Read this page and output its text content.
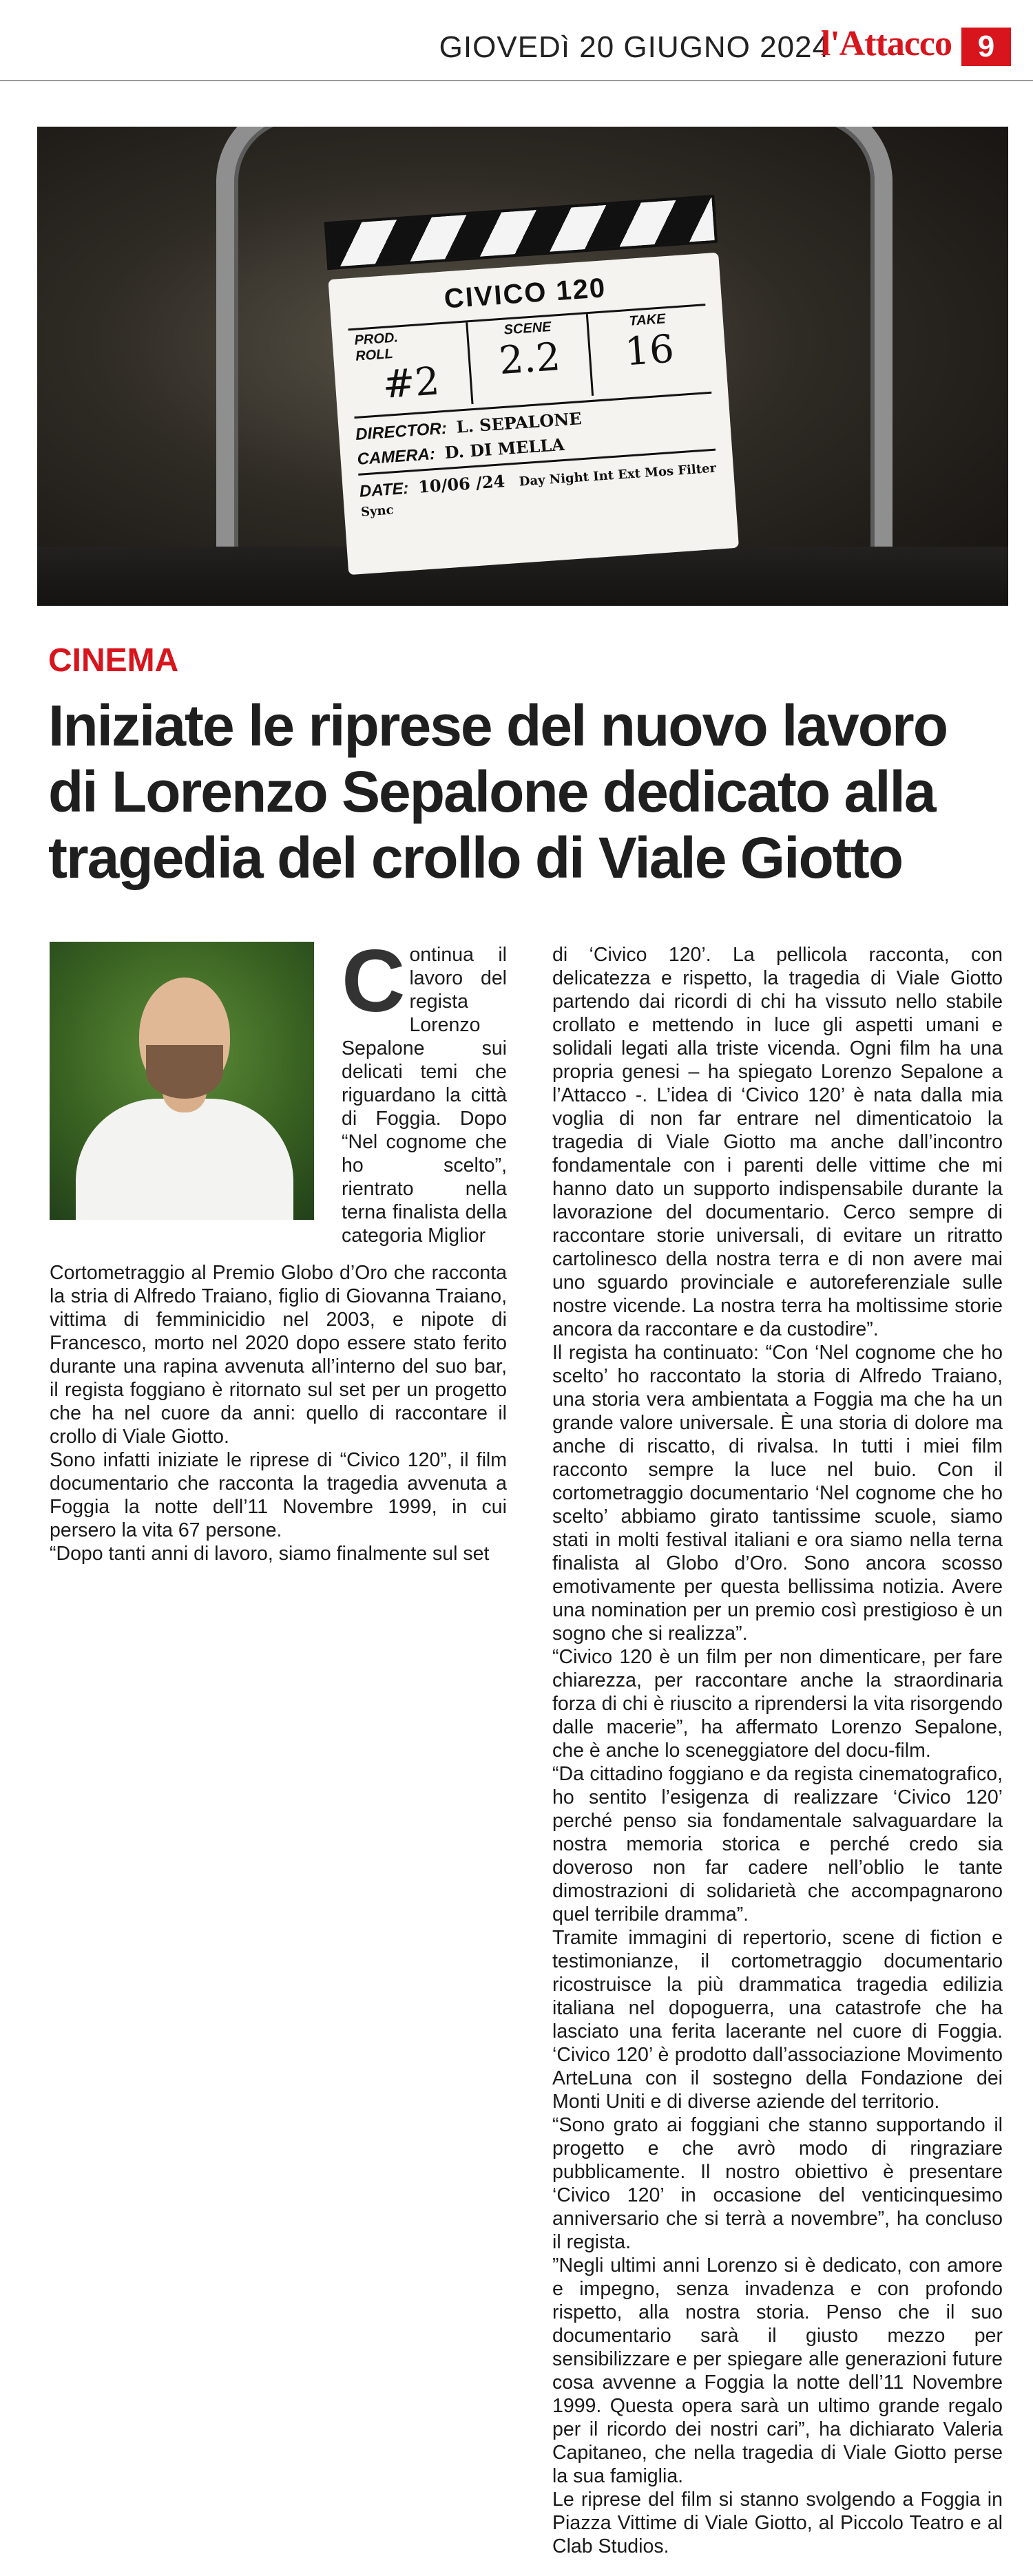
GIOVEDì 20 GIUGNO 2024
l'Attacco 9
CIVICO 120
PROD.
ROLL
#2
SCENE
2.2
TAKE
16
DIRECTOR: L. SEPALONE
CAMERA: D. DI MELLA
DATE: 10/06 /24 Day Night Int Ext Mos Filter Sync
CINEMA
Iniziate le riprese del nuovo lavoro di Lorenzo Sepalone dedicato alla tragedia del crollo di Viale Giotto
C ontinua il lavoro del regista Lorenzo Sepalone sui delicati temi che riguardano la città di Foggia. Dopo “Nel cognome che ho scelto”, rientrato nella terna finalista della categoria Miglior

Cortometraggio al Premio Globo d’Oro che racconta la stria di Alfredo Traiano, figlio di Giovanna Traiano, vittima di femminicidio nel 2003, e nipote di Francesco, morto nel 2020 dopo essere stato ferito durante una rapina avvenuta all’interno del suo bar, il regista foggiano è ritornato sul set per un progetto che ha nel cuore da anni: quello di raccontare il crollo di Viale Giotto.

Sono infatti iniziate le riprese di “Civico 120”, il film documentario che racconta la tragedia avvenuta a Foggia la notte dell’11 Novembre 1999, in cui persero la vita 67 persone.

“Dopo tanti anni di lavoro, siamo finalmente sul set

di ‘Civico 120’. La pellicola racconta, con delicatezza e rispetto, la tragedia di Viale Giotto partendo dai ricordi di chi ha vissuto nello stabile crollato e mettendo in luce gli aspetti umani e solidali legati alla triste vicenda. Ogni film ha una propria genesi – ha spiegato Lorenzo Sepalone a l’Attacco -. L’idea di ‘Civico 120’ è nata dalla mia voglia di non far entrare nel dimenticatoio la tragedia di Viale Giotto ma anche dall’incontro fondamentale con i parenti delle vittime che mi hanno dato un supporto indispensabile durante la lavorazione del documentario. Cerco sempre di raccontare storie universali, di evitare un ritratto cartolinesco della nostra terra e di non avere mai uno sguardo provinciale e autoreferenziale sulle nostre vicende. La nostra terra ha moltissime storie ancora da raccontare e da custodire”.

Il regista ha continuato: “Con ‘Nel cognome che ho scelto’ ho raccontato la storia di Alfredo Traiano, una storia vera ambientata a Foggia ma che ha un grande valore universale. È una storia di dolore ma anche di riscatto, di rivalsa. In tutti i miei film racconto sempre la luce nel buio. Con il cortometraggio documentario ‘Nel cognome che ho scelto’ abbiamo girato tantissime scuole, siamo stati in molti festival italiani e ora siamo nella terna finalista al Globo d’Oro. Sono ancora scosso emotivamente per questa bellissima notizia. Avere una nomination per un premio così prestigioso è un sogno che si realizza”.

“Civico 120 è un film per non dimenticare, per fare chiarezza, per raccontare anche la straordinaria forza di chi è riuscito a riprendersi la vita risorgendo dalle macerie”, ha affermato Lorenzo Sepalone, che è anche lo sceneggiatore del docu-film.

“Da cittadino foggiano e da regista cinematografico, ho sentito l’esigenza di realizzare ‘Civico 120’ perché penso sia fondamentale salvaguardare la nostra memoria storica e perché credo sia doveroso non far cadere nell’oblio le tante dimostrazioni di solidarietà che accompagnarono quel terribile dramma”.

Tramite immagini di repertorio, scene di fiction e testimonianze, il cortometraggio documentario ricostruisce la più drammatica tragedia edilizia italiana nel dopoguerra, una catastrofe che ha lasciato una ferita lacerante nel cuore di Foggia. ‘Civico 120’ è prodotto dall’associazione Movimento ArteLuna con il sostegno della Fondazione dei Monti Uniti e di diverse aziende del territorio.

“Sono grato ai foggiani che stanno supportando il progetto e che avrò modo di ringraziare pubblicamente. Il nostro obiettivo è presentare ‘Civico 120’ in occasione del venticinquesimo anniversario che si terrà a novembre”, ha concluso il regista.

”Negli ultimi anni Lorenzo si è dedicato, con amore e impegno, senza invadenza e con profondo rispetto, alla nostra storia. Penso che il suo documentario sarà il giusto mezzo per sensibilizzare e per spiegare alle generazioni future cosa avvenne a Foggia la notte dell’11 Novembre 1999. Questa opera sarà un ultimo grande regalo per il ricordo dei nostri cari”, ha dichiarato Valeria Capitaneo, che nella tragedia di Viale Giotto perse la sua famiglia.

Le riprese del film si stanno svolgendo a Foggia in Piazza Vittime di Viale Giotto, al Piccolo Teatro e al Clab Studios.
